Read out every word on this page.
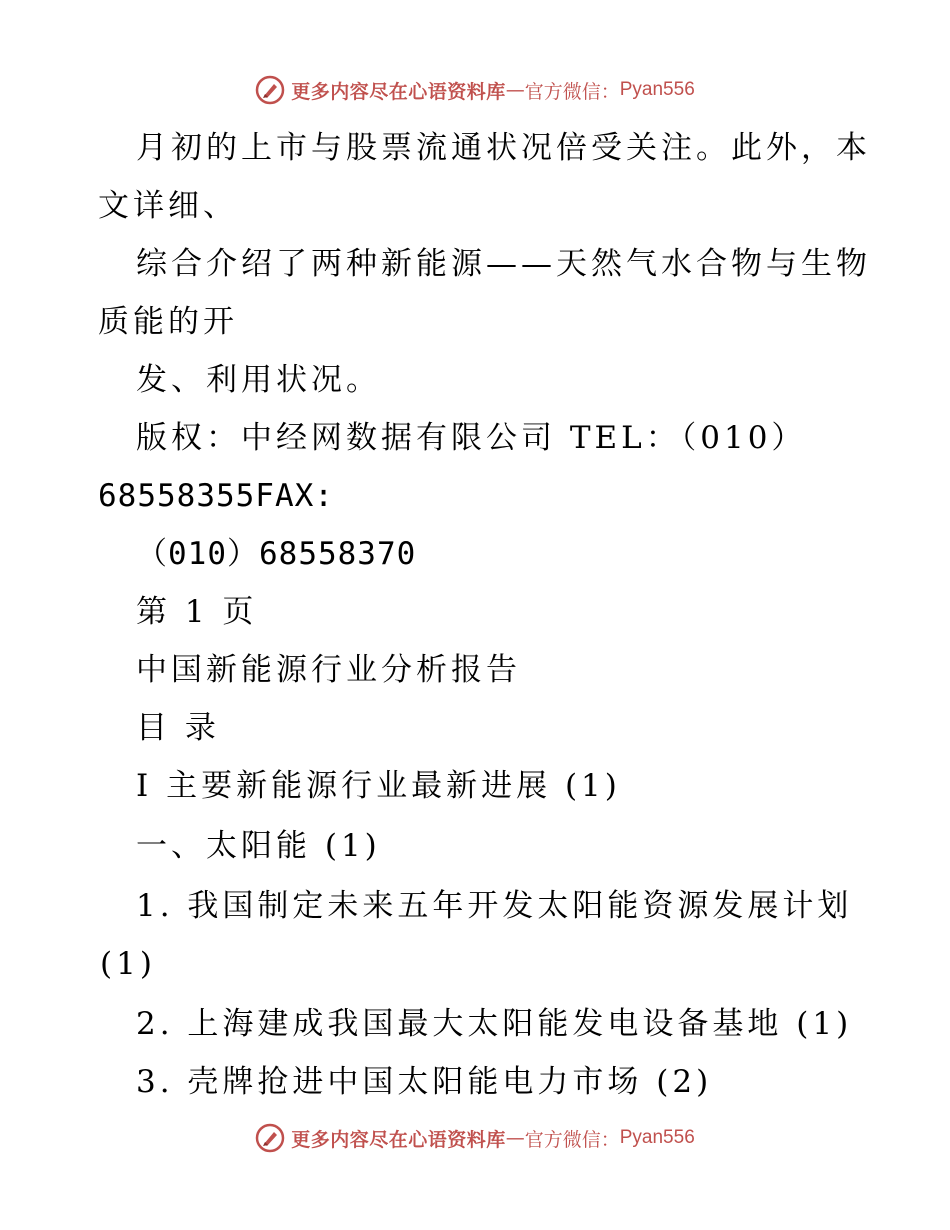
更多内容尽在心语资料库 — 官方微信： Pyan556
月初的上市与股票流通状况倍受关注。此外，本
文详细、
综合介绍了两种新能源——天然气水合物与生物
质能的开
发、利用状况。
版权：中经网数据有限公司 TEL：（010）
68558355FAX:
（010）68558370
第 1 页
中国新能源行业分析报告
目 录
Ⅰ 主要新能源行业最新进展 (1)
一、太阳能 (1)
1. 我国制定未来五年开发太阳能资源发展计划
(1)
2. 上海建成我国最大太阳能发电设备基地 (1)
3. 壳牌抢进中国太阳能电力市场 (2)
更多内容尽在心语资料库 — 官方微信： Pyan556
